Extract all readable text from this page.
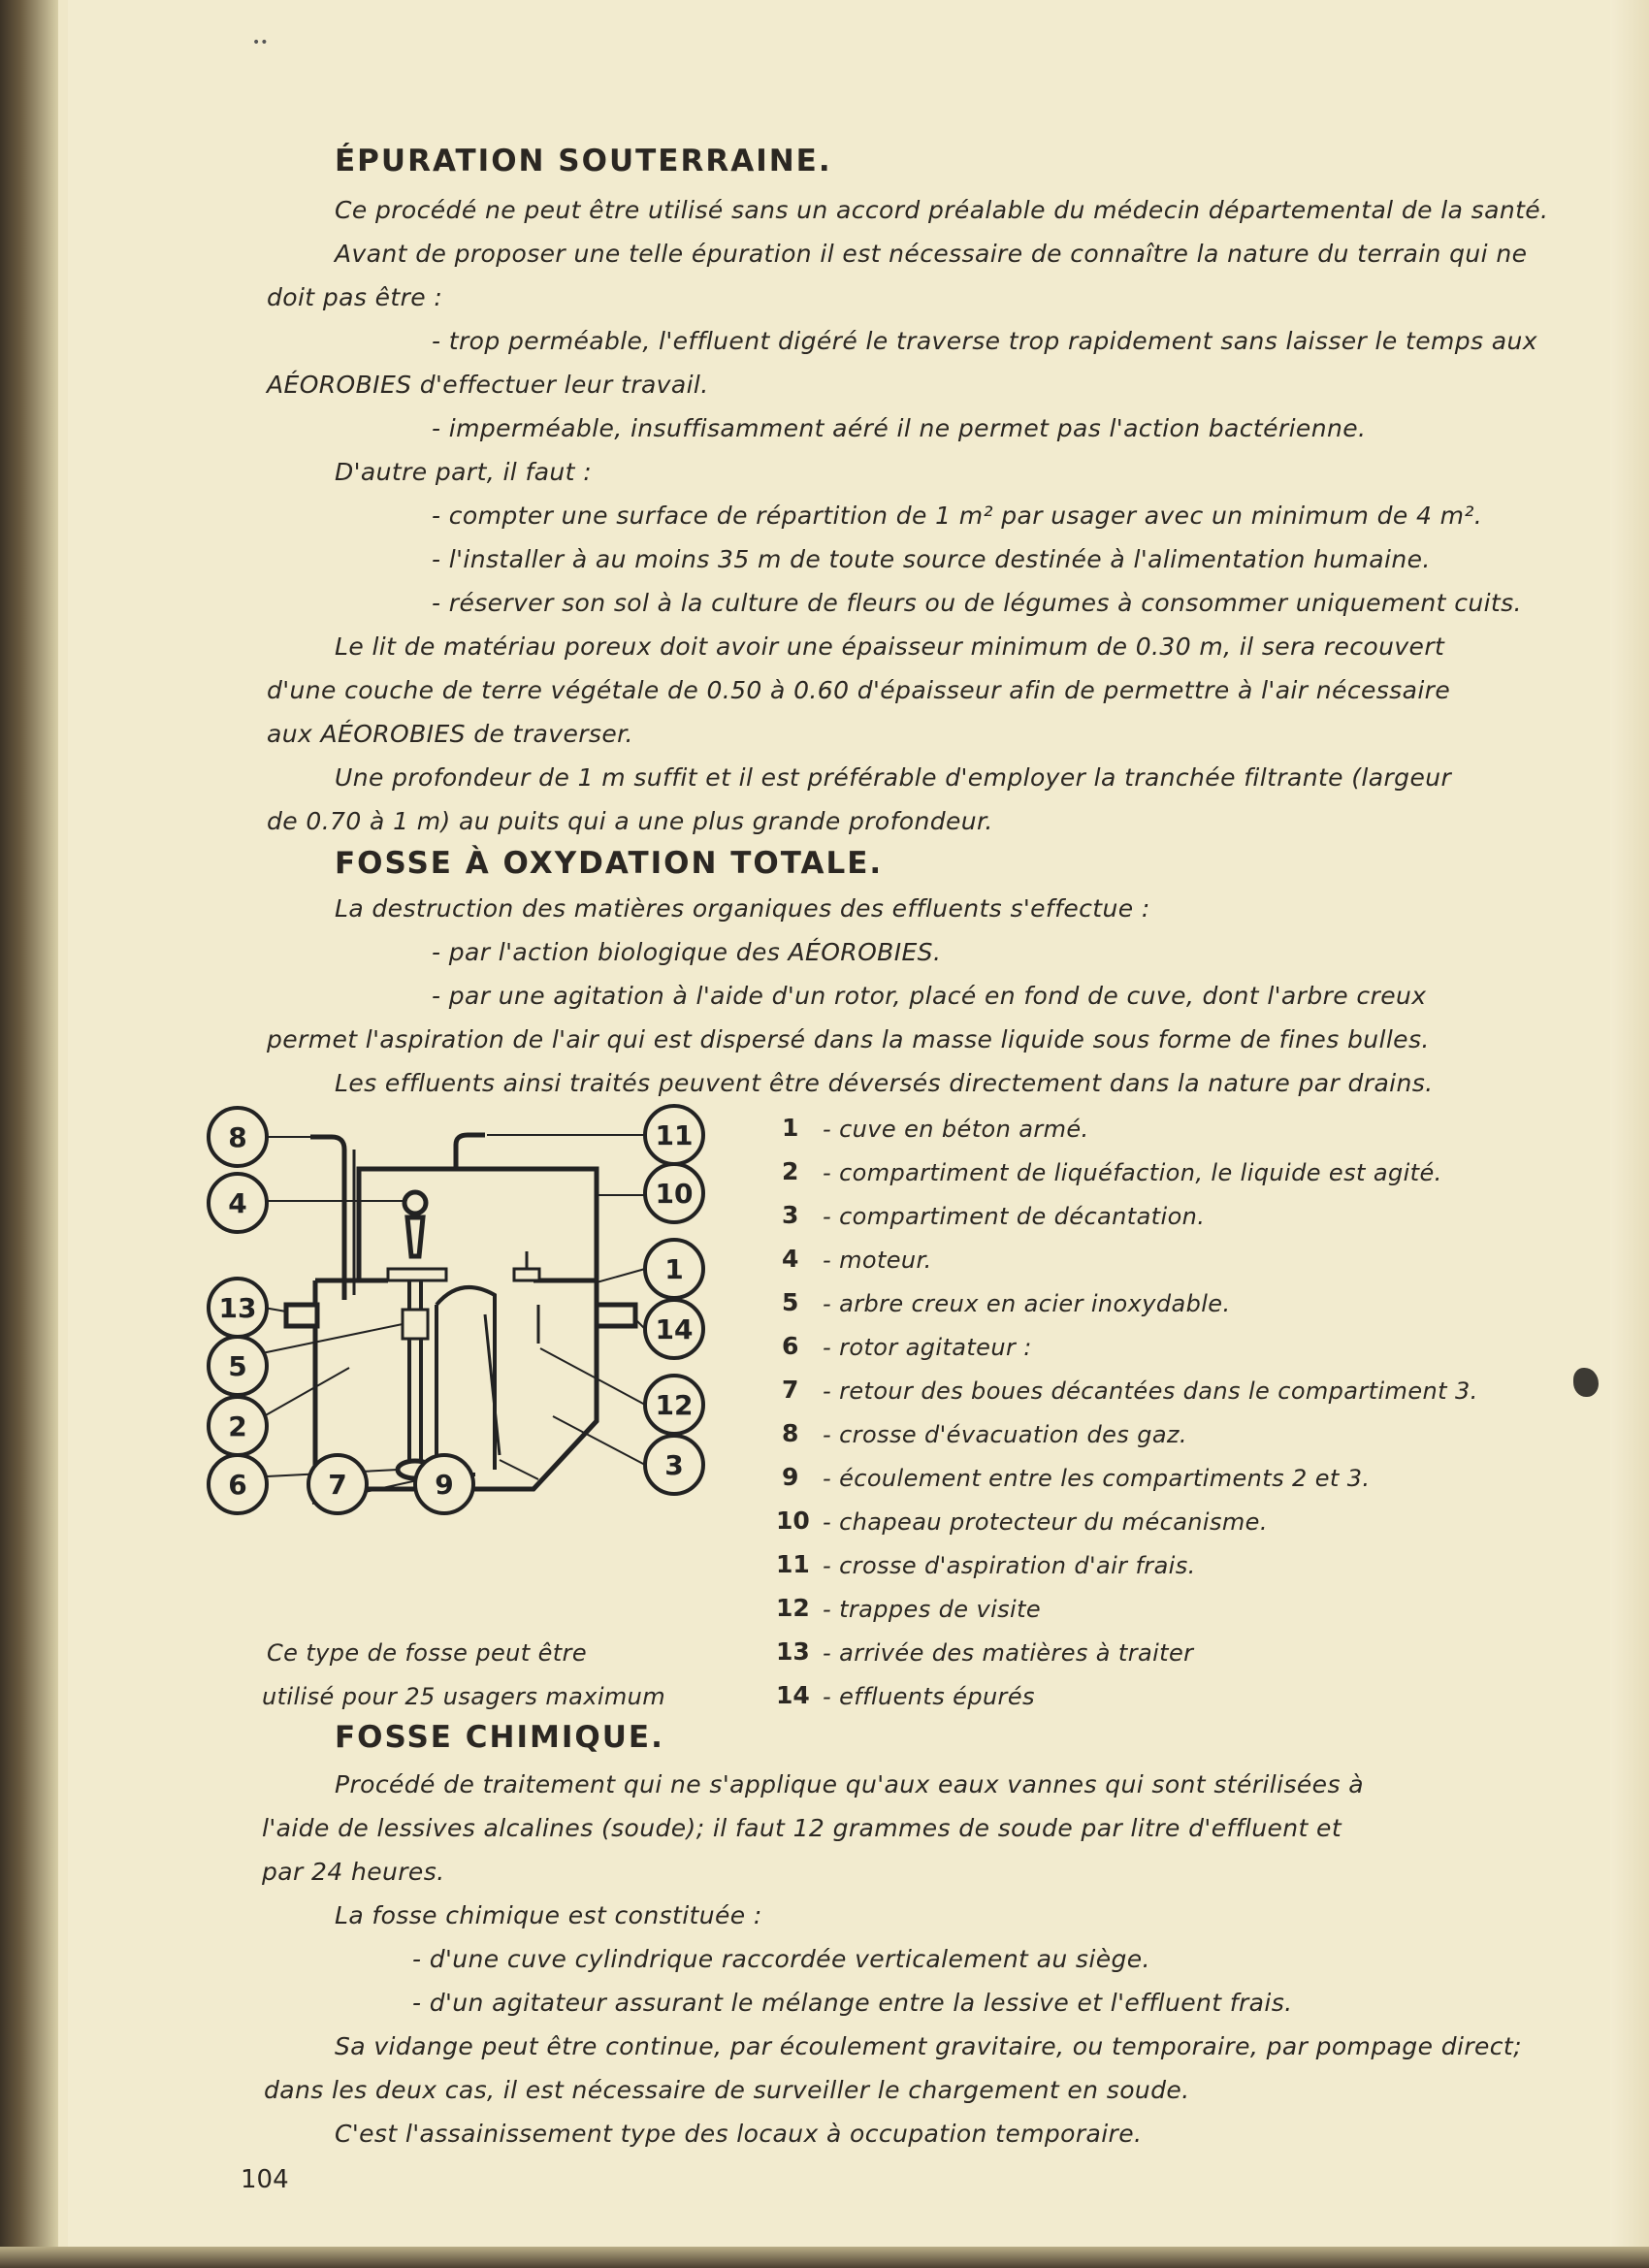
••
ÉPURATION SOUTERRAINE.
Ce procédé ne peut être utilisé sans un accord préalable du médecin départemental de la santé.
Avant de proposer une telle épuration il est nécessaire de connaître la nature du terrain qui ne
doit pas être :
- trop perméable, l'effluent digéré le traverse trop rapidement sans laisser le temps aux
AÉOROBIES d'effectuer leur travail.
- imperméable, insuffisamment aéré il ne permet pas l'action bactérienne.
D'autre part, il faut :
- compter une surface de répartition de 1 m² par usager avec un minimum de 4 m².
- l'installer à au moins 35 m de toute source destinée à l'alimentation humaine.
- réserver son sol à la culture de fleurs ou de légumes à consommer uniquement cuits.
Le lit de matériau poreux doit avoir une épaisseur minimum de 0.30 m, il sera recouvert
d'une couche de terre végétale de 0.50 à 0.60 d'épaisseur afin de permettre à l'air nécessaire
aux AÉOROBIES de traverser.
Une profondeur de 1 m suffit et il est préférable d'employer la tranchée filtrante (largeur
de 0.70 à 1 m) au puits qui a une plus grande profondeur.
FOSSE À OXYDATION TOTALE.
La destruction des matières organiques des effluents s'effectue :
- par l'action biologique des AÉOROBIES.
- par une agitation à l'aide d'un rotor, placé en fond de cuve, dont l'arbre creux
permet l'aspiration de l'air qui est dispersé dans la masse liquide sous forme de fines bulles.
Les effluents ainsi traités peuvent être déversés directement dans la nature par drains.
8
4
13
5
2
6	7	9
11
10
1
14
12
3
1	- cuve en béton armé.
2	- compartiment de liquéfaction, le liquide est agité.
3	- compartiment de décantation.
4	- moteur.
5	- arbre creux en acier inoxydable.
6	- rotor agitateur :
7	- retour des boues décantées dans le compartiment 3.
8	- crosse d'évacuation des gaz.
9	- écoulement entre les compartiments 2 et 3.
10 - chapeau protecteur du mécanisme.
11 - crosse d'aspiration d'air frais.
12 - trappes de visite
13 - arrivée des matières à traiter
14 - effluents épurés
Ce type de fosse peut être
utilisé pour 25 usagers maximum
FOSSE CHIMIQUE.
Procédé de traitement qui ne s'applique qu'aux eaux vannes qui sont stérilisées à
l'aide de lessives alcalines (soude); il faut 12 grammes de soude par litre d'effluent et
par 24 heures.
La fosse chimique est constituée :
- d'une cuve cylindrique raccordée verticalement au siège.
- d'un agitateur assurant le mélange entre la lessive et l'effluent frais.
Sa vidange peut être continue, par écoulement gravitaire, ou temporaire, par pompage direct;
dans les deux cas, il est nécessaire de surveiller le chargement en soude.
C'est l'assainissement type des locaux à occupation temporaire.
104
